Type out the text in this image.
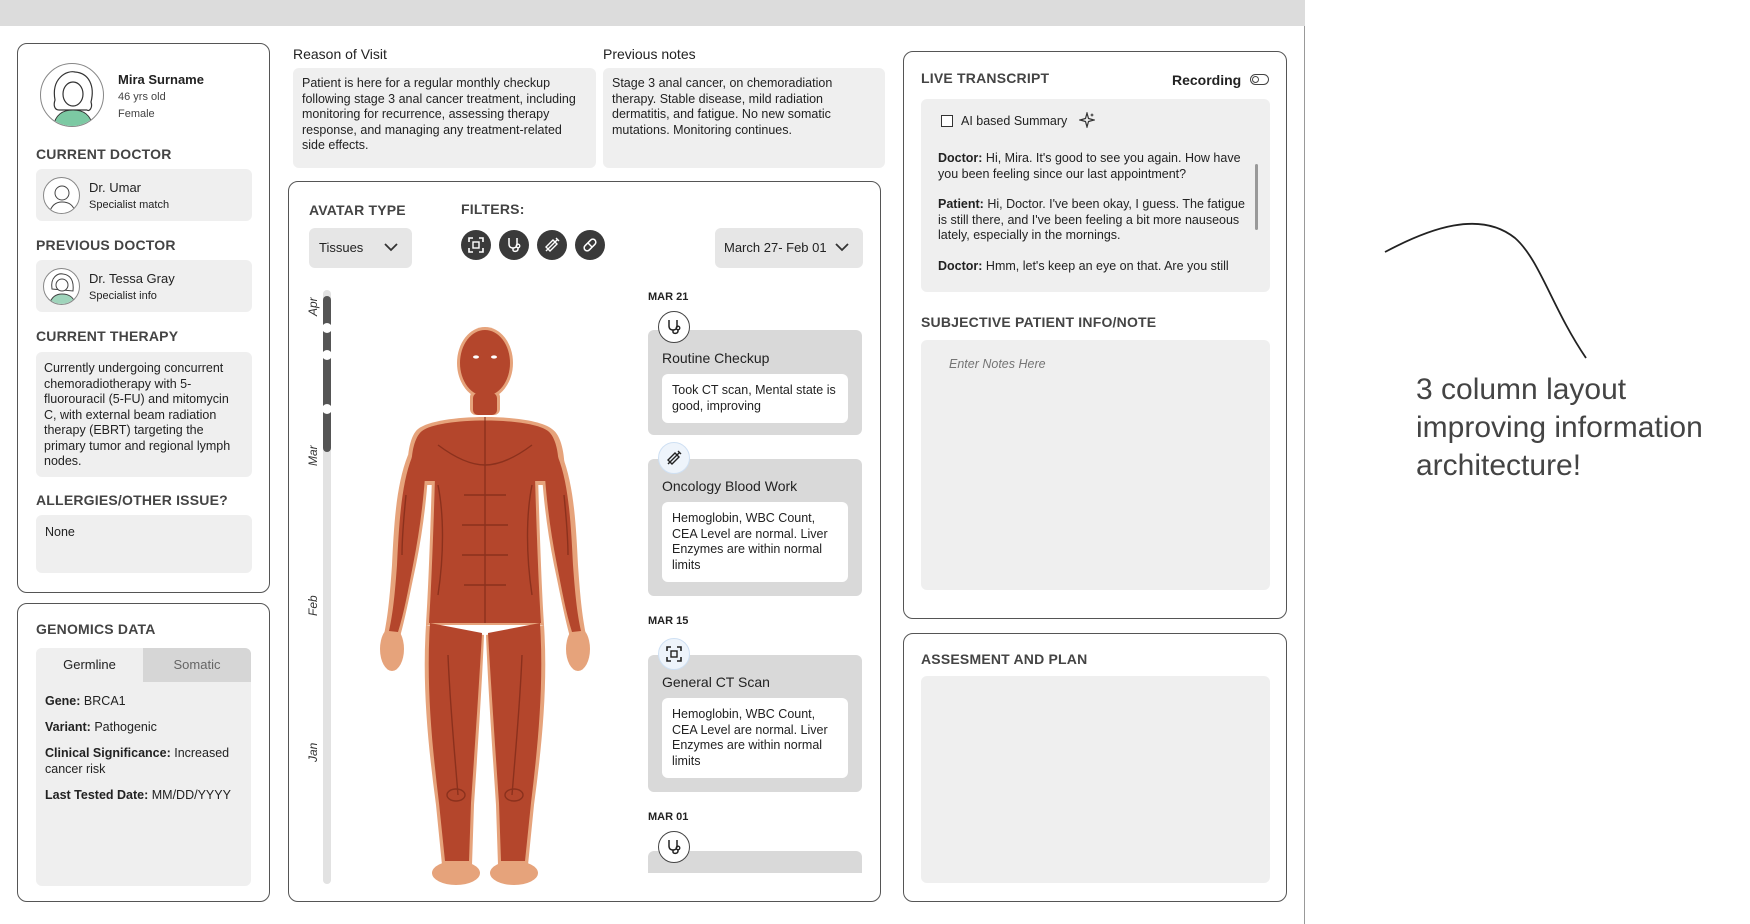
Mira Surname
46 yrs old
Female
CURRENT DOCTOR
Dr. Umar
Specialist match
PREVIOUS DOCTOR
Dr. Tessa Gray
Specialist info
CURRENT THERAPY
Currently undergoing concurrent chemoradiotherapy with 5-fluorouracil (5-FU) and mitomycin C, with external beam radiation therapy (EBRT) targeting the primary tumor and regional lymph nodes.
ALLERGIES/OTHER ISSUE?
None
GENOMICS DATA
Germline	Somatic
Gene: BRCA1
Variant: Pathogenic
Clinical Significance: Increased cancer risk
Last Tested Date: MM/DD/YYYY
Reason of Visit
Patient is here for a regular monthly checkup following stage 3 anal cancer treatment, including monitoring for recurrence, assessing therapy response, and managing any treatment-related side effects.
Previous notes
Stage 3 anal cancer, on chemoradiation therapy. Stable disease, mild radiation dermatitis, and fatigue. No new somatic mutations. Monitoring continues.
AVATAR TYPE
Tissues
FILTERS:
March 27- Feb 01
Apr
Mar
Feb
Jan
MAR 21
Routine Checkup
Took CT scan, Mental state is good, improving
Oncology Blood Work
Hemoglobin, WBC Count, CEA Level are normal. Liver Enzymes are within normal limits
MAR 15
General CT Scan
Hemoglobin, WBC Count, CEA Level are normal. Liver Enzymes are within normal limits
MAR 01
LIVE TRANSCRIPT	Recording
AI based Summary
Doctor: Hi, Mira. It's good to see you again. How have you been feeling since our last appointment?
Patient: Hi, Doctor. I've been okay, I guess. The fatigue is still there, and I've been feeling a bit more nauseous lately, especially in the mornings.
Doctor: Hmm, let's keep an eye on that. Are you still
SUBJECTIVE PATIENT INFO/NOTE
Enter Notes Here
ASSESMENT AND PLAN
3 column layout improving information architecture!
